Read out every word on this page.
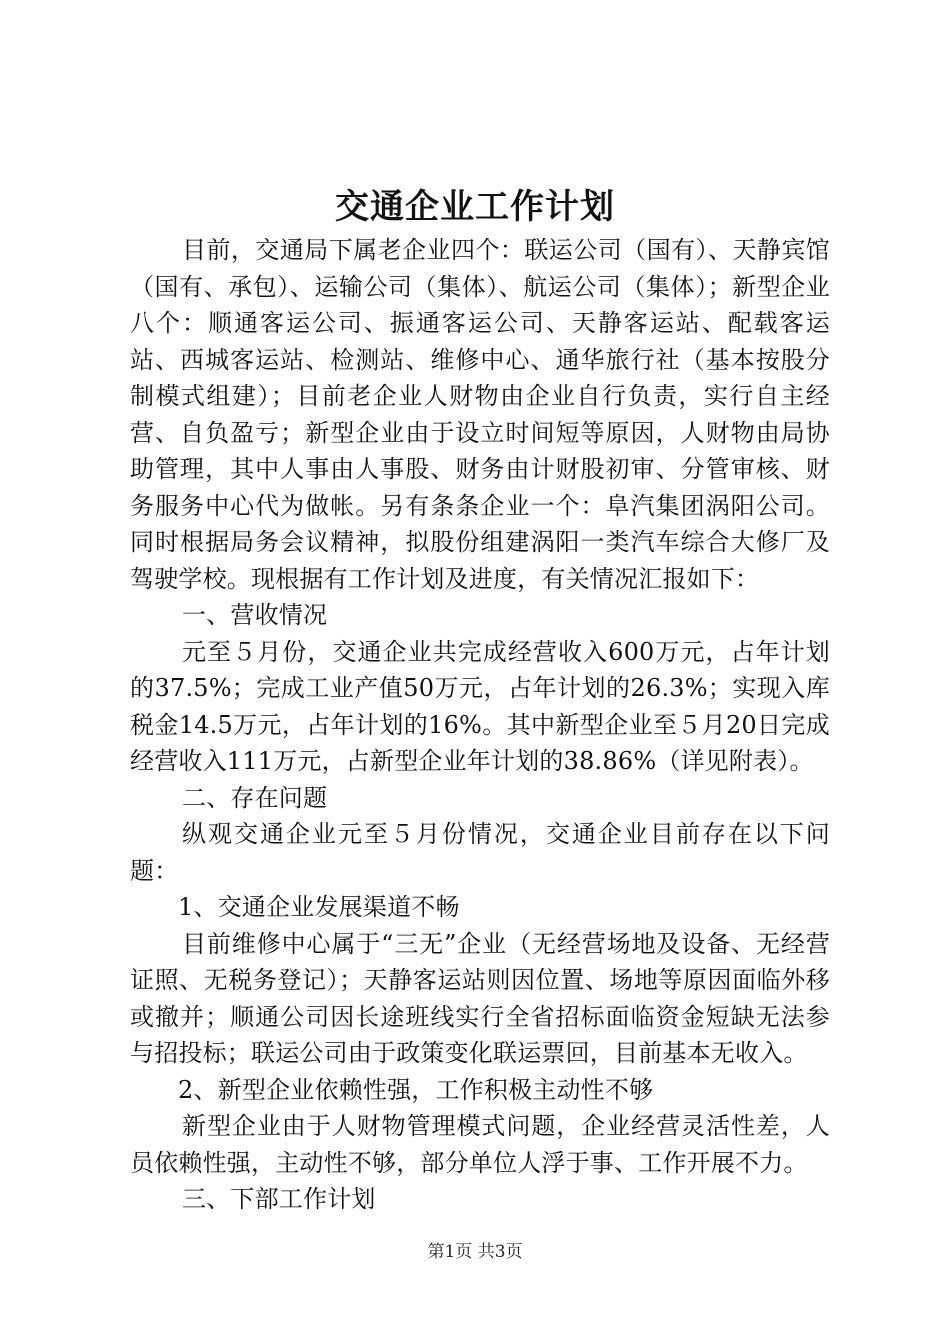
交通企业工作计划

目前，交通局下属老企业四个：联运公司（国有）、天静宾馆（国有、承包）、运输公司（集体）、航运公司（集体）；新型企业八个：顺通客运公司、振通客运公司、天静客运站、配载客运站、西城客运站、检测站、维修中心、通华旅行社（基本按股分制模式组建）；目前老企业人财物由企业自行负责，实行自主经营、自负盈亏；新型企业由于设立时间短等原因，人财物由局协助管理，其中人事由人事股、财务由计财股初审、分管审核、财务服务中心代为做帐。另有条条企业一个：阜汽集团涡阳公司。同时根据局务会议精神，拟股份组建涡阳一类汽车综合大修厂及驾驶学校。现根据有工作计划及进度，有关情况汇报如下：

一、营收情况

元至５月份，交通企业共完成经营收入600万元，占年计划的37.5%；完成工业产值50万元，占年计划的26.3%；实现入库税金14.5万元，占年计划的16%。其中新型企业至５月20日完成经营收入111万元，占新型企业年计划的38.86%（详见附表）。

二、存在问题

纵观交通企业元至５月份情况，交通企业目前存在以下问题：

1、交通企业发展渠道不畅

目前维修中心属于“三无”企业（无经营场地及设备、无经营证照、无税务登记）；天静客运站则因位置、场地等原因面临外移或撤并；顺通公司因长途班线实行全省招标面临资金短缺无法参与招投标；联运公司由于政策变化联运票回，目前基本无收入。

2、新型企业依赖性强，工作积极主动性不够

新型企业由于人财物管理模式问题，企业经营灵活性差，人员依赖性强，主动性不够，部分单位人浮于事、工作开展不力。

三、下部工作计划

第1页 共3页
